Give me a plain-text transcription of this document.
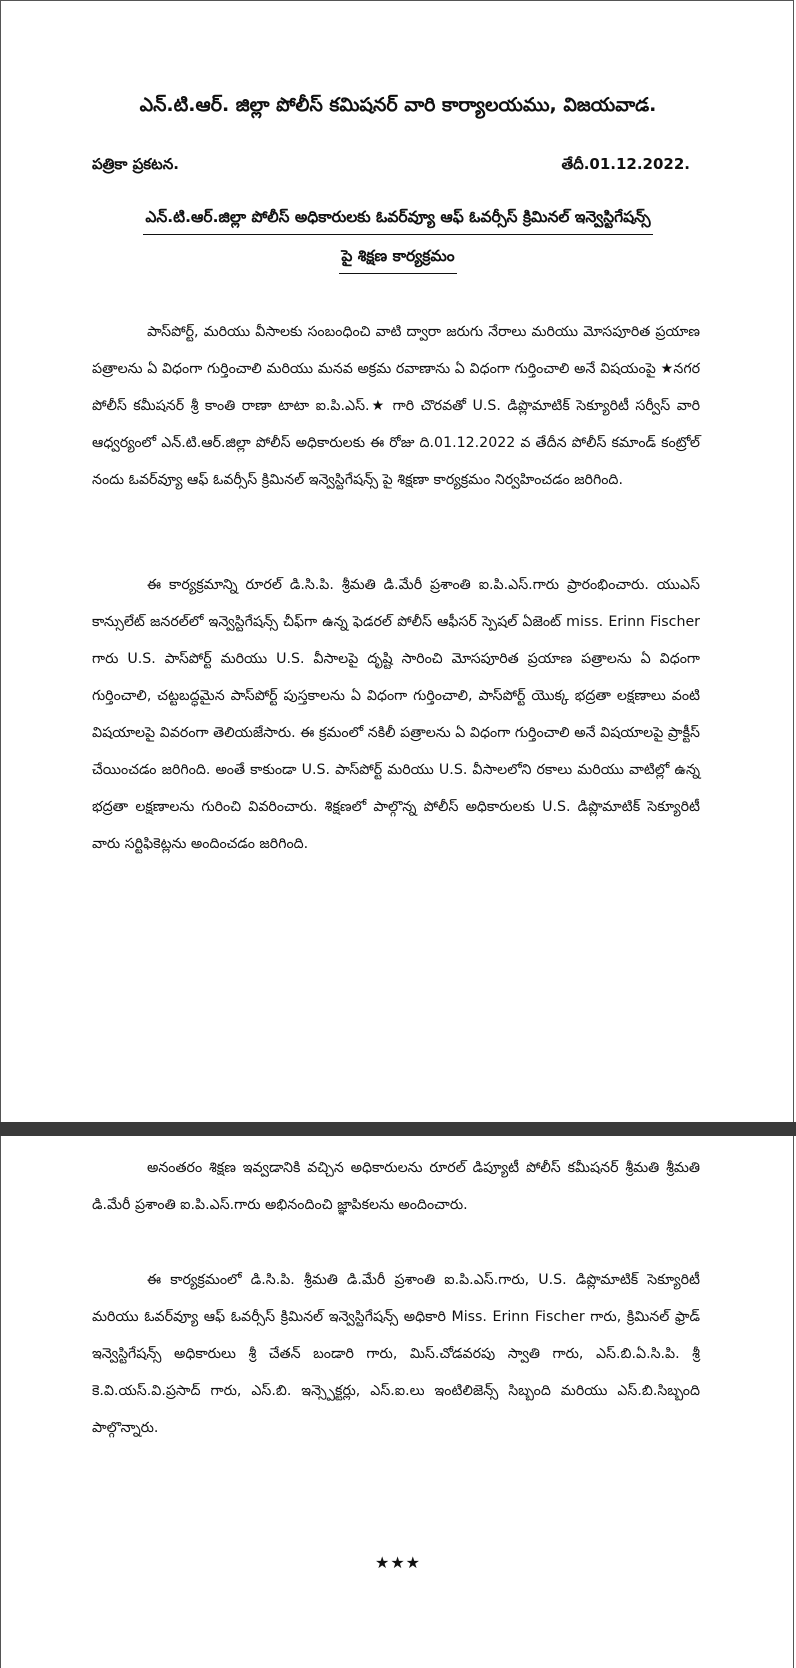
ఎన్.టి.ఆర్. జిల్లా పోలీస్ కమిషనర్ వారి కార్యాలయము, విజయవాడ.

పత్రికా ప్రకటన.	తేదీ.01.12.2022.

ఎన్.టి.ఆర్.జిల్లా పోలీస్ అధికారులకు ఓవర్‌వ్యూ ఆఫ్ ఓవర్సీస్ క్రిమినల్ ఇన్వెస్టిగేషన్స్
పై శిక్షణ కార్యక్రమం

పాస్‌పోర్ట్, మరియు వీసాలకు సంబంధించి వాటి ద్వారా జరుగు నేరాలు మరియు మోసపూరిత ప్రయాణ పత్రాలను ఏ విధంగా గుర్తించాలి మరియు మనవ అక్రమ రవాణాను ఏ విధంగా గుర్తించాలి అనే విషయంపై ★నగర పోలీస్ కమీషనర్ శ్రీ కాంతి రాణా టాటా ఐ.పి.ఎస్.★ గారి చొరవతో U.S. డిప్లొమాటిక్ సెక్యూరిటీ సర్వీస్ వారి ఆధ్వర్యంలో ఎన్.టి.ఆర్.జిల్లా పోలీస్ అధికారులకు ఈ రోజు ది.01.12.2022 వ తేదీన పోలీస్ కమాండ్ కంట్రోల్ నందు ఓవర్‌వ్యూ ఆఫ్ ఓవర్సీస్ క్రిమినల్ ఇన్వెస్టిగేషన్స్ పై శిక్షణా కార్యక్రమం నిర్వహించడం జరిగింది.

ఈ కార్యక్రమాన్ని రూరల్ డి.సి.పి. శ్రీమతి డి.మేరీ ప్రశాంతి ఐ.పి.ఎస్.గారు ప్రారంభించారు. యుఎస్ కాన్సులేట్ జనరల్‌లో ఇన్వెస్టిగేషన్స్ చీఫ్‌గా ఉన్న ఫెడరల్ పోలీస్ ఆఫీసర్ స్పెషల్ ఏజెంట్ miss. Erinn Fischer గారు U.S. పాస్‌పోర్ట్ మరియు U.S. వీసాలపై దృష్టి సారించి మోసపూరిత ప్రయాణ పత్రాలను ఏ విధంగా గుర్తించాలి, చట్టబద్ధమైన పాస్‌పోర్ట్ పుస్తకాలను ఏ విధంగా గుర్తించాలి, పాస్‌పోర్ట్ యొక్క భద్రతా లక్షణాలు వంటి విషయాలపై వివరంగా తెలియజేసారు. ఈ క్రమంలో నకిలీ పత్రాలను ఏ విధంగా గుర్తించాలి అనే విషయాలపై ప్రాక్టీస్ చేయించడం జరిగింది. అంతే కాకుండా U.S. పాస్‌పోర్ట్ మరియు U.S. వీసాలలోని రకాలు మరియు వాటిల్లో ఉన్న భద్రతా లక్షణాలను గురించి వివరించారు. శిక్షణలో పాల్గొన్న పోలీస్ అధికారులకు U.S. డిప్లొమాటిక్ సెక్యూరిటీ వారు సర్టిఫికెట్లను అందించడం జరిగింది.

అనంతరం శిక్షణ ఇవ్వడానికి వచ్చిన అధికారులను రూరల్ డిప్యూటీ పోలీస్ కమీషనర్ శ్రీమతి శ్రీమతి డి.మేరీ ప్రశాంతి ఐ.పి.ఎస్.గారు అభినందించి జ్ఞాపికలను అందించారు.

ఈ కార్యక్రమంలో డి.సి.పి. శ్రీమతి డి.మేరీ ప్రశాంతి ఐ.పి.ఎస్.గారు, U.S. డిప్లొమాటిక్ సెక్యూరిటీ మరియు ఓవర్‌వ్యూ ఆఫ్ ఓవర్సీస్ క్రిమినల్ ఇన్వెస్టిగేషన్స్ అధికారి Miss. Erinn Fischer గారు, క్రిమినల్ ఫ్రాడ్ ఇన్వెస్టిగేషన్స్ అధికారులు శ్రీ చేతన్ బండారి గారు, మిస్.చోడవరపు స్వాతి గారు, ఎస్.బి.ఏ.సి.పి. శ్రీ కె.వి.యస్.వి.ప్రసాద్ గారు, ఎస్.బి. ఇన్స్పెక్టర్లు, ఎస్.ఐ.లు ఇంటిలిజెన్స్ సిబ్బంది మరియు ఎస్.బి.సిబ్బంది పాల్గొన్నారు.

★★★
